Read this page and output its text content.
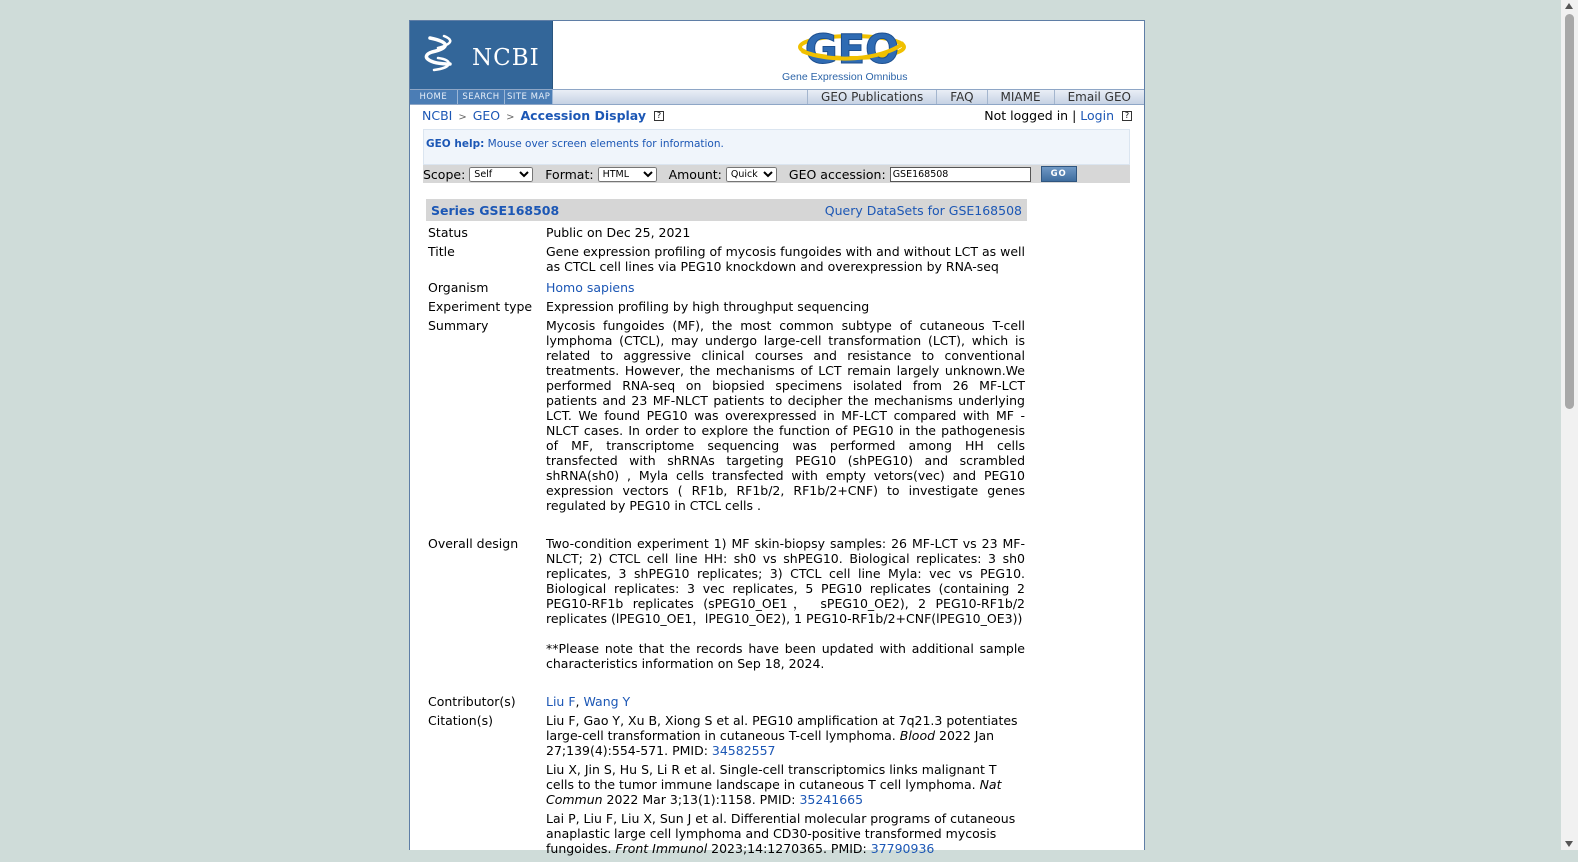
NCBI	GEO
Gene Expression Omnibus
HOME	SEARCH SITE MAP	GEO Publications	FAQ	MIAME	Email GEO
NCBI > GEO > Accession Display ?	Not logged in | Login ?
GEO help: Mouse over screen elements for information.
Scope:
Self	Format:
HTML	Amount:
Quick	GEO accession:
GSE168508	GO
Series GSE168508	Query DataSets for GSE168508
Status	Public on Dec 25, 2021
Title	Gene expression profiling of mycosis fungoides with and without LCT as well as CTCL cell lines via PEG10 knockdown and overexpression by RNA-seq
Organism	Homo sapiens
Experiment type	Expression profiling by high throughput sequencing
Summary	Mycosis fungoides (MF), the most common subtype of cutaneous T-cell lymphoma (CTCL), may undergo large-cell transformation (LCT), which is related to aggressive clinical courses and resistance to conventional treatments. However, the mechanisms of LCT remain largely unknown.We performed RNA-seq on biopsied specimens isolated from 26 MF-LCT patients and 23 MF-NLCT patients to decipher the mechanisms underlying LCT. We found PEG10 was overexpressed in MF-LCT compared with MF -NLCT cases. In order to explore the function of PEG10 in the pathogenesis of MF, transcriptome sequencing was performed among HH cells transfected with shRNAs targeting PEG10 (shPEG10) and scrambled shRNA(sh0) , Myla cells transfected with empty vetors(vec) and PEG10 expression vectors ( RF1b, RF1b/2, RF1b/2+CNF) to investigate genes regulated by PEG10 in CTCL cells .

Overall design	Two-condition experiment 1) MF skin-biopsy samples: 26 MF-LCT vs 23 MF-NLCT; 2) CTCL cell line HH: sh0 vs shPEG10. Biological replicates: 3 sh0 replicates, 3 shPEG10 replicates; 3) CTCL cell line Myla: vec vs PEG10. Biological replicates: 3 vec replicates, 5 PEG10 replicates (containing 2 PEG10-RF1b replicates (sPEG10_OE1， sPEG10_OE2), 2 PEG10-RF1b/2 replicates (lPEG10_OE1，lPEG10_OE2), 1 PEG10-RF1b/2+CNF(lPEG10_OE3))
**Please note that the records have been updated with additional sample characteristics information on Sep 18, 2024.

Contributor(s)	Liu F, Wang Y
Citation(s)	Liu F, Gao Y, Xu B, Xiong S et al. PEG10 amplification at 7q21.3 potentiates large-cell transformation in cutaneous T-cell lymphoma. Blood 2022 Jan 27;139(4):554-571. PMID: 34582557
Liu X, Jin S, Hu S, Li R et al. Single-cell transcriptomics links malignant T cells to the tumor immune landscape in cutaneous T cell lymphoma. Nat Commun 2022 Mar 3;13(1):1158. PMID: 35241665
Lai P, Liu F, Liu X, Sun J et al. Differential molecular programs of cutaneous anaplastic large cell lymphoma and CD30-positive transformed mycosis fungoides. Front Immunol 2023;14:1270365. PMID: 37790936
